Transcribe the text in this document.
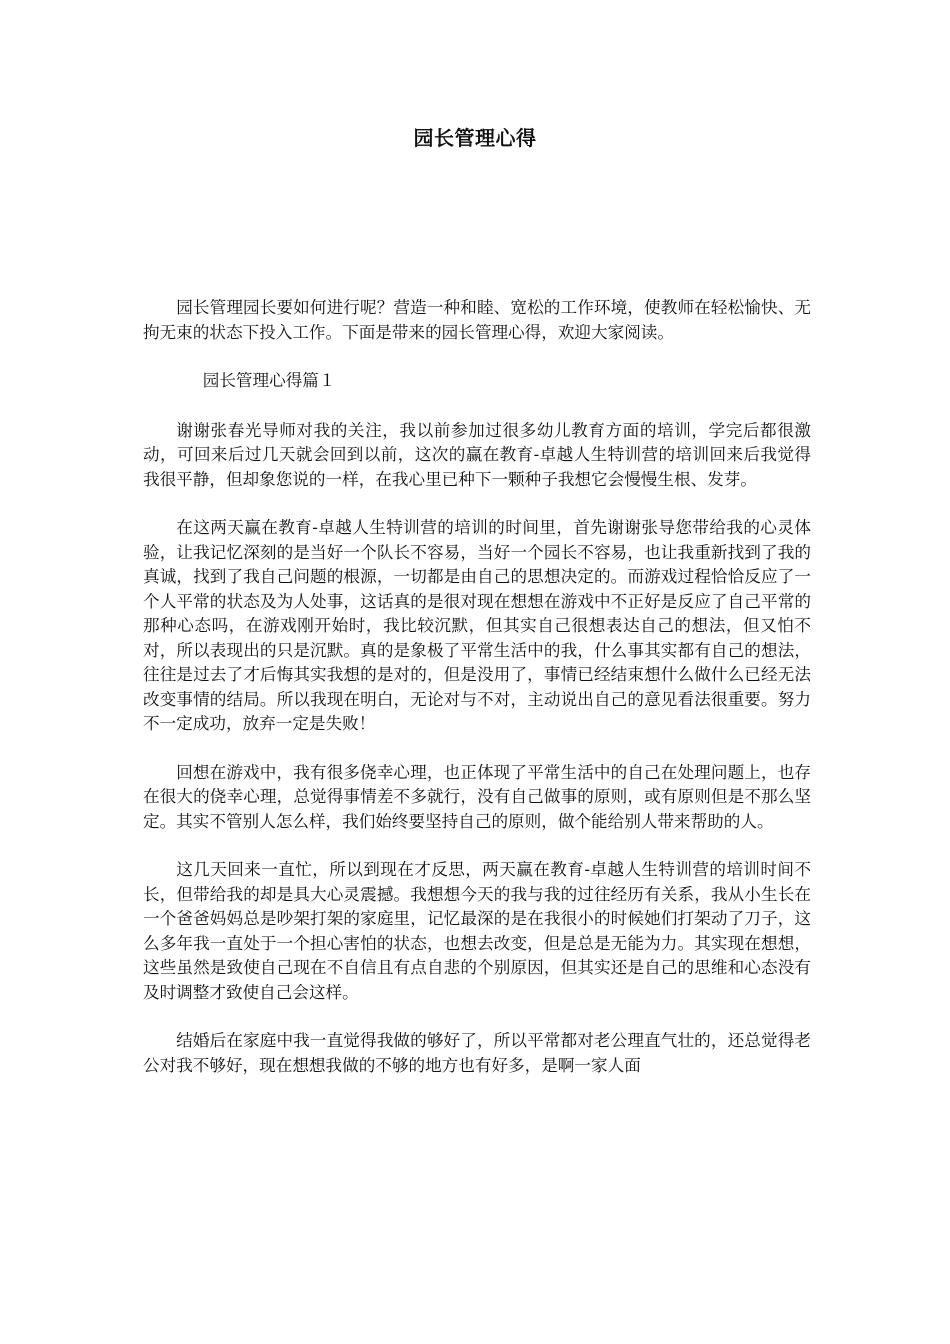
园长管理心得

园长管理园长要如何进行呢？营造一种和睦、宽松的工作环境，使教师在轻松愉快、无拘无束的状态下投入工作。下面是带来的园长管理心得，欢迎大家阅读。

园长管理心得篇１

谢谢张春光导师对我的关注，我以前参加过很多幼儿教育方面的培训，学完后都很激动，可回来后过几天就会回到以前，这次的赢在教育-卓越人生特训营的培训回来后我觉得我很平静，但却象您说的一样，在我心里已种下一颗种子我想它会慢慢生根、发芽。

在这两天赢在教育-卓越人生特训营的培训的时间里，首先谢谢张导您带给我的心灵体验，让我记忆深刻的是当好一个队长不容易，当好一个园长不容易，也让我重新找到了我的真诚，找到了我自己问题的根源，一切都是由自己的思想决定的。而游戏过程恰恰反应了一个人平常的状态及为人处事，这话真的是很对现在想想在游戏中不正好是反应了自己平常的那种心态吗，在游戏刚开始时，我比较沉默，但其实自己很想表达自己的想法，但又怕不对，所以表现出的只是沉默。真的是象极了平常生活中的我，什么事其实都有自己的想法，往往是过去了才后悔其实我想的是对的，但是没用了，事情已经结束想什么做什么已经无法改变事情的结局。所以我现在明白，无论对与不对，主动说出自己的意见看法很重要。努力不一定成功，放弃一定是失败！

回想在游戏中，我有很多侥幸心理，也正体现了平常生活中的自己在处理问题上，也存在很大的侥幸心理，总觉得事情差不多就行，没有自己做事的原则，或有原则但是不那么坚定。其实不管别人怎么样，我们始终要坚持自己的原则，做个能给别人带来帮助的人。

这几天回来一直忙，所以到现在才反思，两天赢在教育-卓越人生特训营的培训时间不长，但带给我的却是具大心灵震撼。我想想今天的我与我的过往经历有关系，我从小生长在一个爸爸妈妈总是吵架打架的家庭里，记忆最深的是在我很小的时候她们打架动了刀子，这么多年我一直处于一个担心害怕的状态，也想去改变，但是总是无能为力。其实现在想想，这些虽然是致使自己现在不自信且有点自悲的个别原因，但其实还是自己的思维和心态没有及时调整才致使自己会这样。

结婚后在家庭中我一直觉得我做的够好了，所以平常都对老公理直气壮的，还总觉得老公对我不够好，现在想想我做的不够的地方也有好多，是啊一家人面
